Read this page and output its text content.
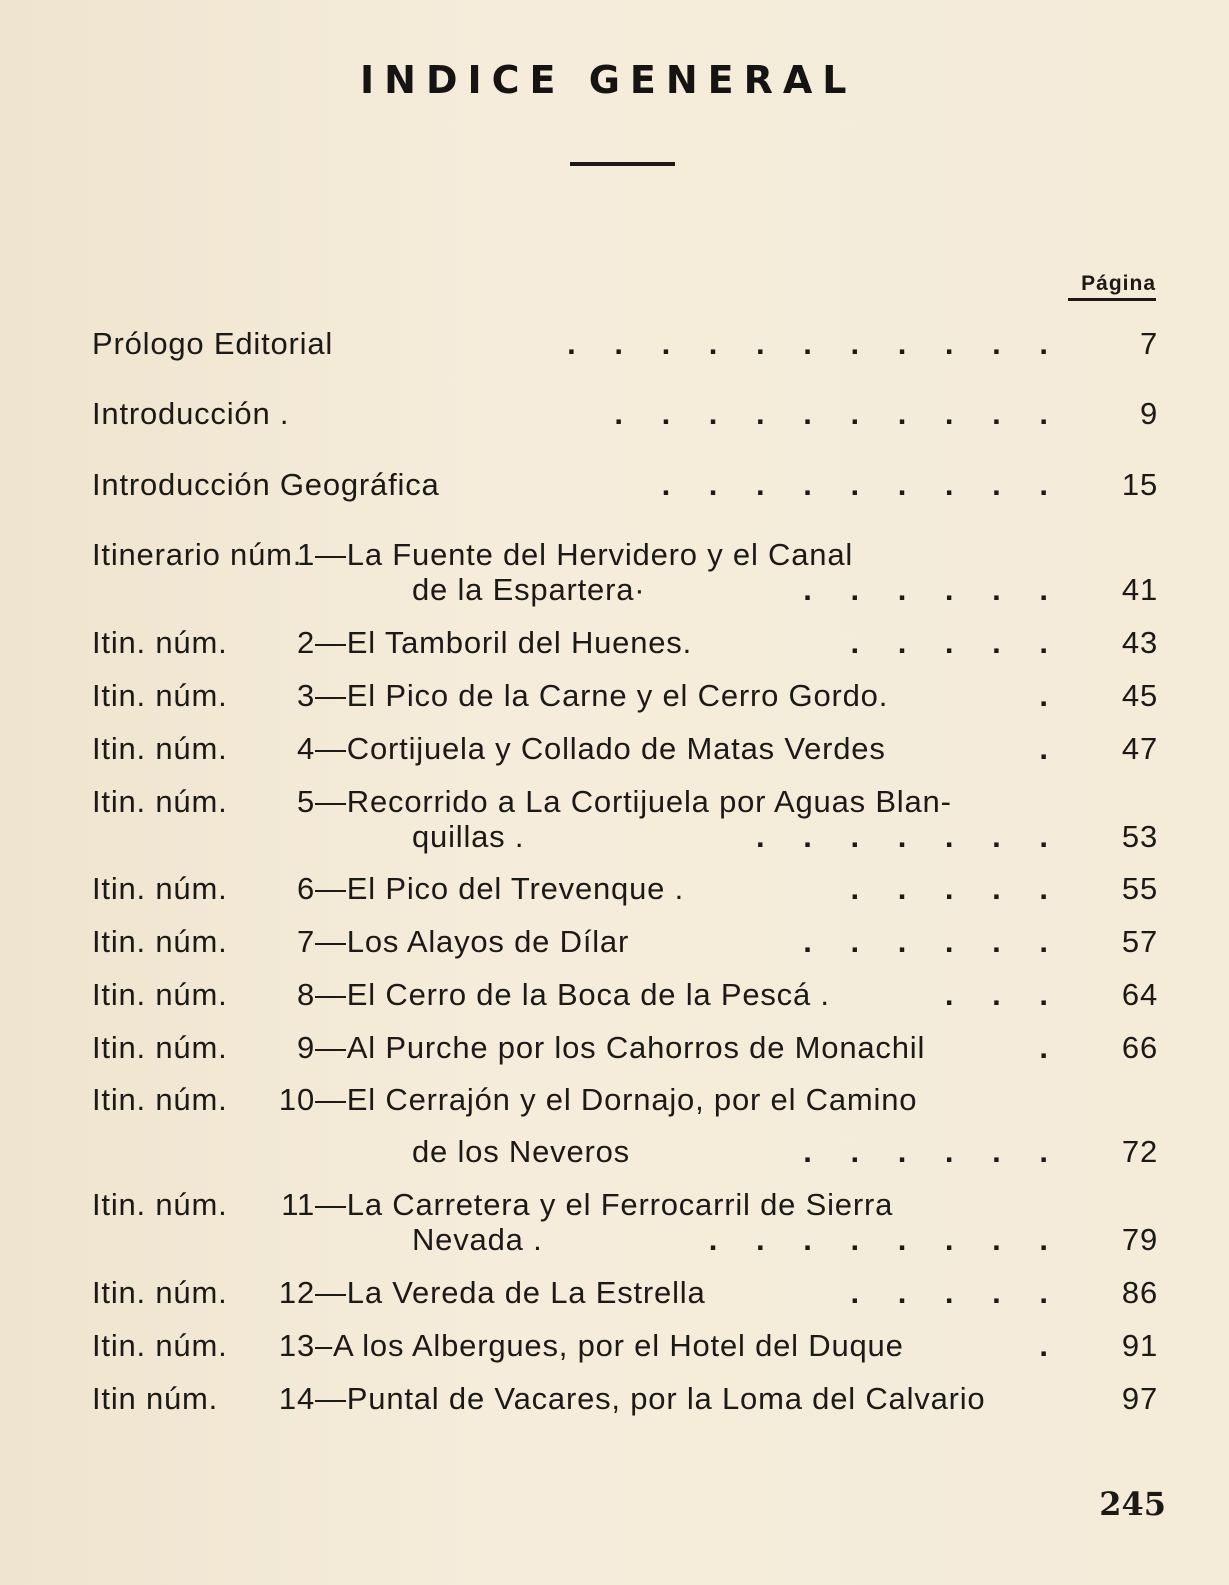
INDICE GENERAL
Página
Prólogo Editorial	. . . . . . . . . . .	7
Introducción .	. . . . . . . . . .	9
Introducción Geográfica	. . . . . . . . .	15
Itinerario núm.
1 —La Fuente del Hervidero y el Canal
de la Espartera·	. . . . . .	41
Itin. núm.	2 —El Tamboril del Huenes.	. . . . .	43
Itin. núm.	3 —El Pico de la Carne y el Cerro Gordo.	.	45
Itin. núm.	4 —Cortijuela y Collado de Matas Verdes	.	47
Itin. núm.	5 —Recorrido a La Cortijuela por Aguas Blan-
quillas .	. . . . . . .	53
Itin. núm.	6 —El Pico del Trevenque .	. . . . .	55
Itin. núm.	7 —Los Alayos de Dílar	. . . . . .	57
Itin. núm.	8 —El Cerro de la Boca de la Pescá .	. . .	64
Itin. núm.	9 —Al Purche por los Cahorros de Monachil	.	66
Itin. núm. 10 —El Cerrajón y el Dornajo, por el Camino
de los Neveros	. . . . . .	72
Itin. núm. 11 —La Carretera y el Ferrocarril de Sierra
Nevada .	. . . . . . . .	79
Itin. núm. 12 —La Vereda de La Estrella	. . . . .	86
Itin. núm. 13 –A los Albergues, por el Hotel del Duque	.	91
Itin núm. 14 —Puntal de Vacares, por la Loma del Calvario	97
245
